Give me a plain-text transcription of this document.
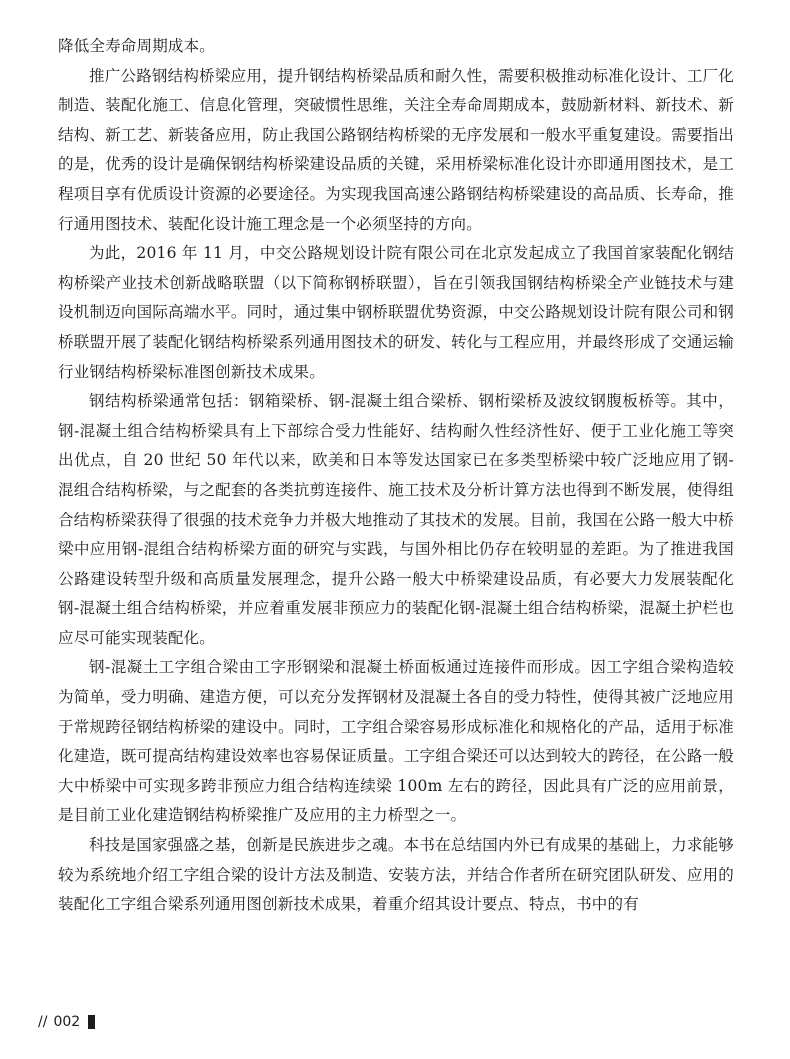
降低全寿命周期成本。

推广公路钢结构桥梁应用，提升钢结构桥梁品质和耐久性，需要积极推动标准化设计、工厂化制造、装配化施工、信息化管理，突破惯性思维，关注全寿命周期成本，鼓励新材料、新技术、新结构、新工艺、新装备应用，防止我国公路钢结构桥梁的无序发展和一般水平重复建设。需要指出的是，优秀的设计是确保钢结构桥梁建设品质的关键，采用桥梁标准化设计亦即通用图技术，是工程项目享有优质设计资源的必要途径。为实现我国高速公路钢结构桥梁建设的高品质、长寿命，推行通用图技术、装配化设计施工理念是一个必须坚持的方向。

为此，2016 年 11 月，中交公路规划设计院有限公司在北京发起成立了我国首家装配化钢结构桥梁产业技术创新战略联盟（以下简称钢桥联盟），旨在引领我国钢结构桥梁全产业链技术与建设机制迈向国际高端水平。同时，通过集中钢桥联盟优势资源，中交公路规划设计院有限公司和钢桥联盟开展了装配化钢结构桥梁系列通用图技术的研发、转化与工程应用，并最终形成了交通运输行业钢结构桥梁标准图创新技术成果。

钢结构桥梁通常包括：钢箱梁桥、钢-混凝土组合梁桥、钢桁梁桥及波纹钢腹板桥等。其中，钢-混凝土组合结构桥梁具有上下部综合受力性能好、结构耐久性经济性好、便于工业化施工等突出优点，自 20 世纪 50 年代以来，欧美和日本等发达国家已在多类型桥梁中较广泛地应用了钢-混组合结构桥梁，与之配套的各类抗剪连接件、施工技术及分析计算方法也得到不断发展，使得组合结构桥梁获得了很强的技术竞争力并极大地推动了其技术的发展。目前，我国在公路一般大中桥梁中应用钢-混组合结构桥梁方面的研究与实践，与国外相比仍存在较明显的差距。为了推进我国公路建设转型升级和高质量发展理念，提升公路一般大中桥梁建设品质，有必要大力发展装配化钢-混凝土组合结构桥梁，并应着重发展非预应力的装配化钢-混凝土组合结构桥梁，混凝土护栏也应尽可能实现装配化。

钢-混凝土工字组合梁由工字形钢梁和混凝土桥面板通过连接件而形成。因工字组合梁构造较为简单，受力明确、建造方便，可以充分发挥钢材及混凝土各自的受力特性，使得其被广泛地应用于常规跨径钢结构桥梁的建设中。同时，工字组合梁容易形成标准化和规格化的产品，适用于标准化建造，既可提高结构建设效率也容易保证质量。工字组合梁还可以达到较大的跨径，在公路一般大中桥梁中可实现多跨非预应力组合结构连续梁 100m 左右的跨径，因此具有广泛的应用前景，是目前工业化建造钢结构桥梁推广及应用的主力桥型之一。

科技是国家强盛之基，创新是民族进步之魂。本书在总结国内外已有成果的基础上，力求能够较为系统地介绍工字组合梁的设计方法及制造、安装方法，并结合作者所在研究团队研发、应用的装配化工字组合梁系列通用图创新技术成果，着重介绍其设计要点、特点，书中的有

// 002
